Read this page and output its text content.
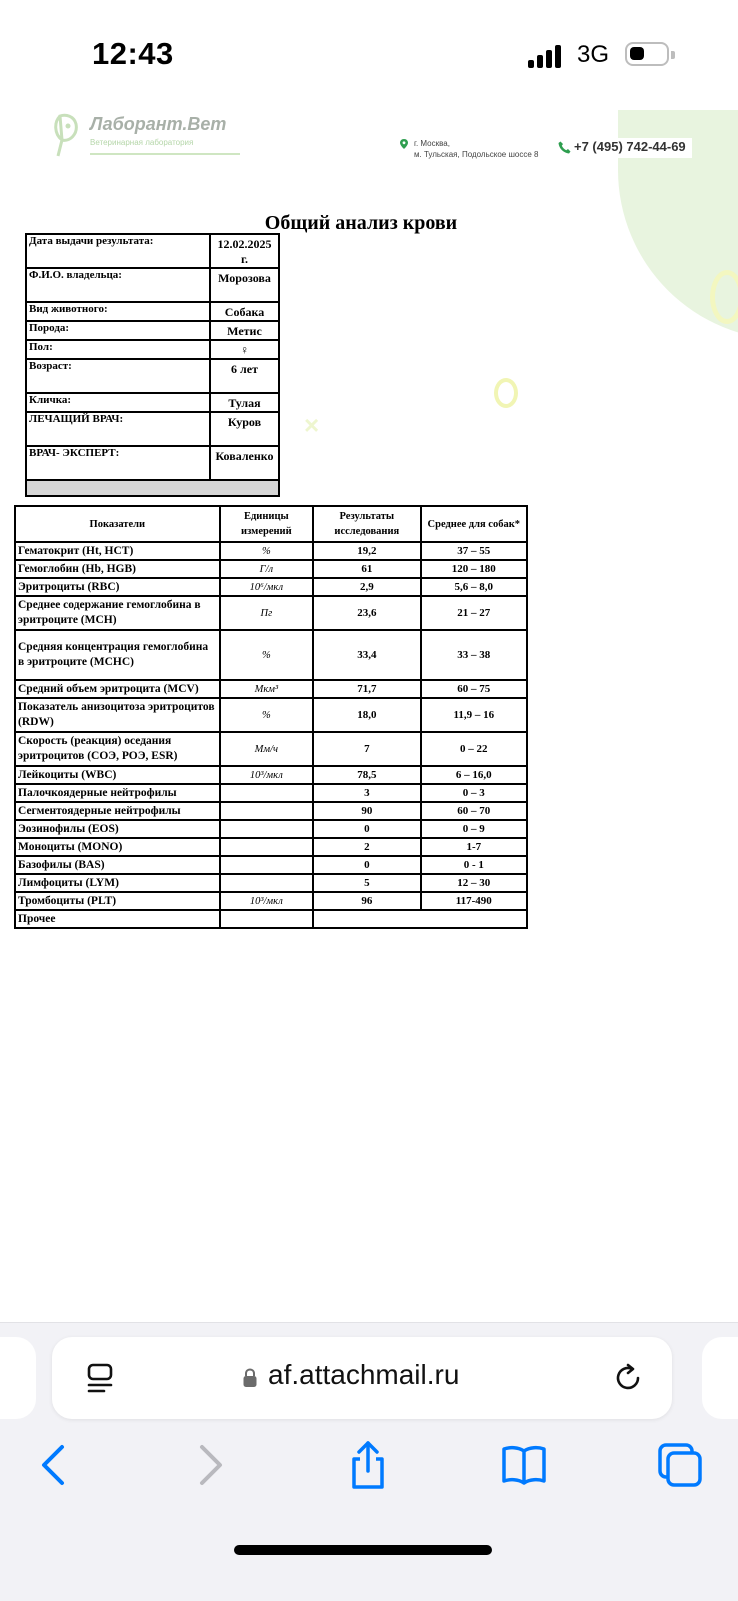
12:43	3G
×
Лаборант.Вет
Ветеринарная лаборатория	г. Москва,
м. Тульская, Подольское шоссе 8
+7 (495) 742-44-69
Общий анализ крови
Дата выдачи результата:	12.02.2025 г.
Ф.И.О. владельца:	Морозова
Вид животного:	Собака
Порода:	Метис
Пол:	♀
Возраст:	6 лет
Кличка:	Тулая
ЛЕЧАЩИЙ ВРАЧ:	Куров
ВРАЧ- ЭКСПЕРТ:	Коваленко

Показатели	Единицы измерений	Результаты исследования	Среднее для собак*
Гематокрит (Ht, HCT)	%	19,2	37 – 55
Гемоглобин (Hb, HGB)	Г/л	61	120 – 180
Эритроциты (RBC)	10⁶/мкл	2,9	5,6 – 8,0
Среднее содержание гемоглобина в эритроците (MCH)	Пг	23,6	21 – 27
Средняя концентрация гемоглобина в эритроците (MCHC)	%	33,4	33 – 38
Средний объем эритроцита (MCV)	Мкм³	71,7	60 – 75
Показатель анизоцитоза эритроцитов (RDW)	%	18,0	11,9 – 16
Скорость (реакция) оседания эритроцитов (СОЭ, РОЭ, ESR)	Мм/ч	7	0 – 22
Лейкоциты (WBC)	10³/мкл	78,5	6 – 16,0
Палочкоядерные нейтрофилы		3	0 – 3
Сегментоядерные нейтрофилы		90	60 – 70
Эозинофилы (EOS)		0	0 – 9
Моноциты (MONO)		2	1-7
Базофилы (BAS)		0	0 - 1
Лимфоциты (LYM)		5	12 – 30
Тромбоциты (PLT)	10³/мкл	96	117-490
Прочее			
af.attachmail.ru
